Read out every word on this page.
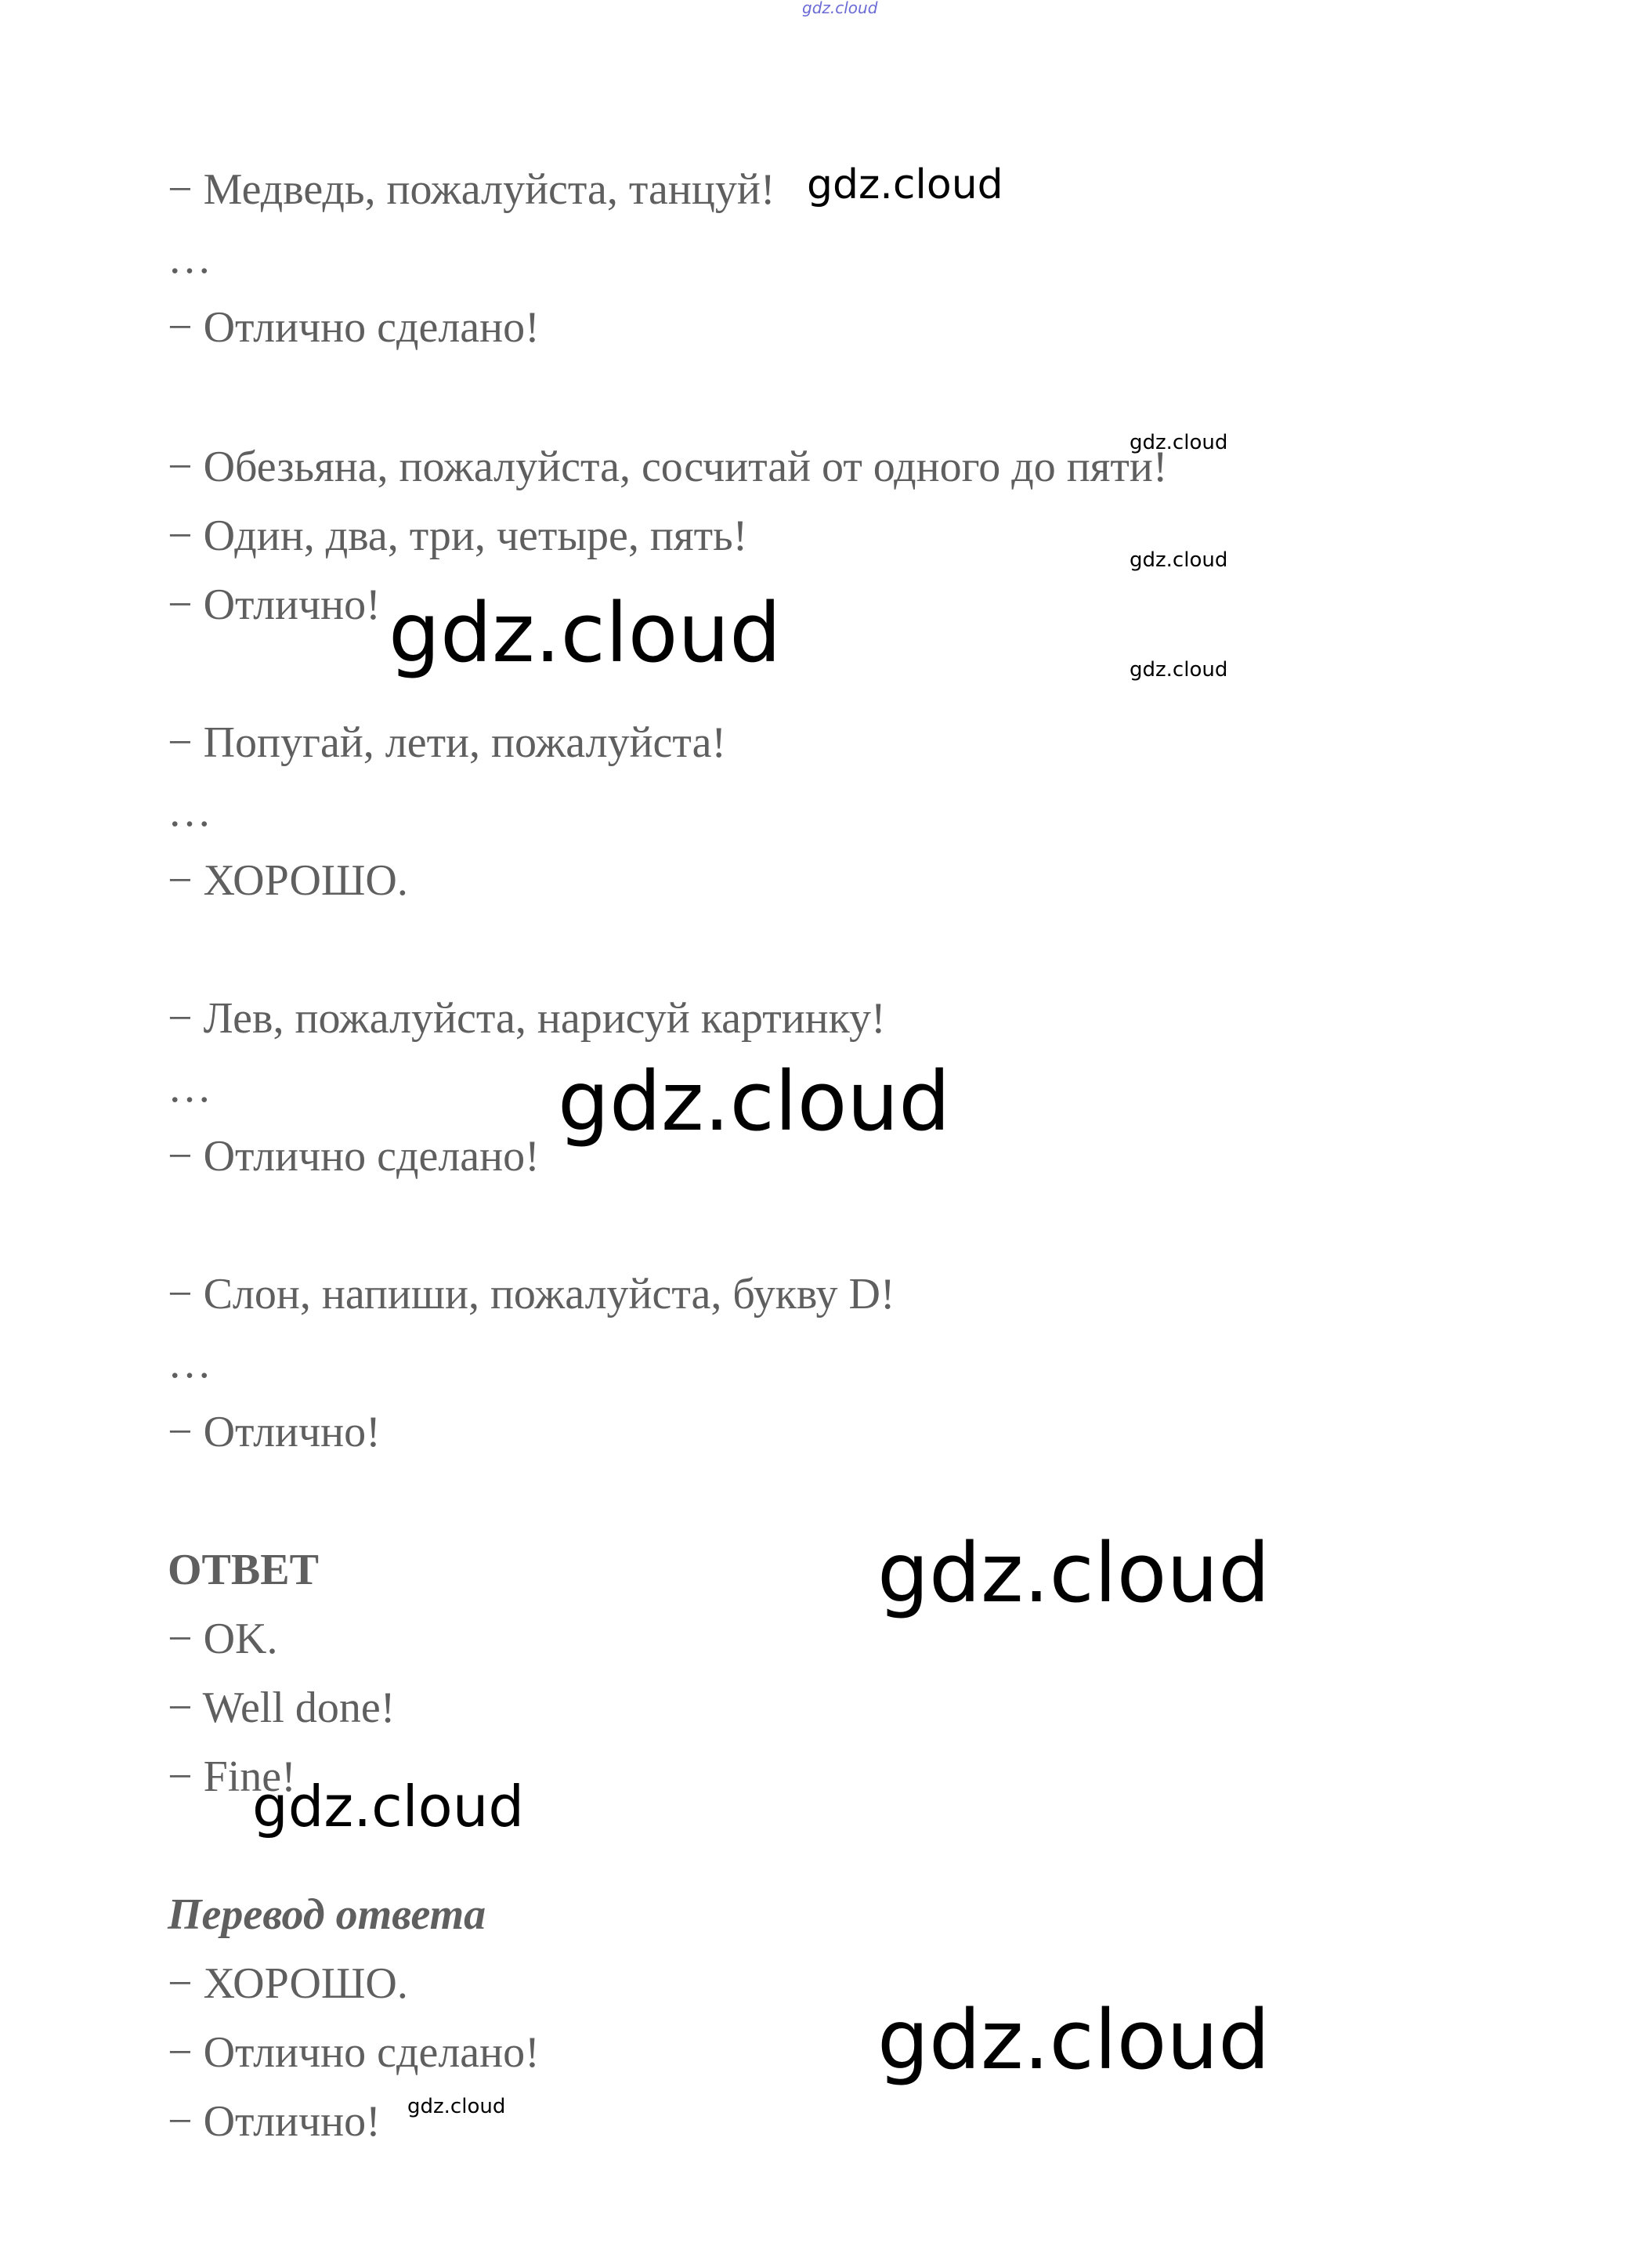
− Медведь, пожалуйста, танцуй!
…
− Отлично сделано!
− Обезьяна, пожалуйста, сосчитай от одного до пяти!
− Один, два, три, четыре, пять!
− Отлично!
− Попугай, лети, пожалуйста!
…
− ХОРОШО.
− Лев, пожалуйста, нарисуй картинку!
…
− Отлично сделано!
− Слон, напиши, пожалуйста, букву D!
…
− Отлично!
ОТВЕТ
− OK.
− Well done!
− Fine!
Перевод ответа
− ХОРОШО.
− Отлично сделано!
− Отлично!
gdz.cloud
gdz.cloud
gdz.cloud
gdz.cloud
gdz.cloud
gdz.cloud
gdz.cloud
gdz.cloud
gdz.cloud
gdz.cloud
gdz.cloud
